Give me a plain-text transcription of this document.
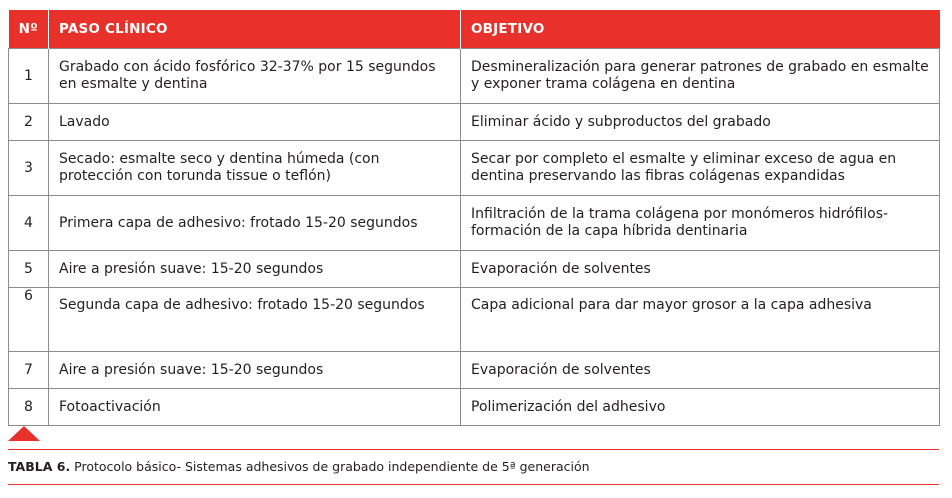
Nº	PASO CLÍNICO	OBJETIVO
1	Grabado con ácido fosfórico 32-37% por 15 segundos en esmalte y dentina	Desmineralización para generar patrones de grabado en esmalte y exponer trama colágena en dentina
2	Lavado	Eliminar ácido y subproductos del grabado
3	Secado: esmalte seco y dentina húmeda (con protección con torunda tissue o teflón)	Secar por completo el esmalte y eliminar exceso de agua en dentina preservando las fibras colágenas expandidas
4	Primera capa de adhesivo: frotado 15-20 segundos	Infiltración de la trama colágena por monómeros hidrófilos- formación de la capa híbrida dentinaria
5	Aire a presión suave: 15-20 segundos	Evaporación de solventes
6	Segunda capa de adhesivo: frotado 15-20 segundos	Capa adicional para dar mayor grosor a la capa adhesiva
7	Aire a presión suave: 15-20 segundos	Evaporación de solventes
8	Fotoactivación	Polimerización del adhesivo
TABLA 6. Protocolo básico- Sistemas adhesivos de grabado independiente de 5ª generación
